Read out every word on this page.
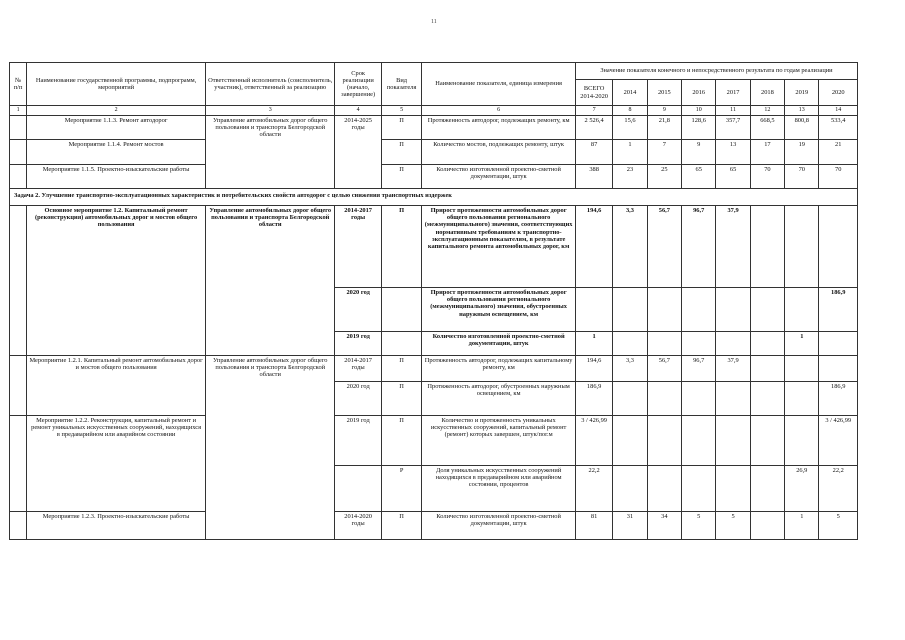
11
№ п/п	Наименование государственной программы, подпрограмм, мероприятий	Ответственный исполнитель (соисполнитель, участник), ответственный за реализацию	Срок реализации (начало, завершение)	Вид показателя	Наименование показателя, единица измерения	Значение показателя конечного и непосредственного результата по годам реализации							
						ВСЕГО 2014-2020	2014	2015	2016	2017	2018	2019	2020
1	2	3	4	5	6	7	8	9	10	11	12	13	14
	Мероприятие 1.1.3. Ремонт автодорог	Управление автомобильных дорог общего пользования и транспорта Белгородской области	2014-2025 годы	П	Протяженность автодорог, подлежащих ремонту, км	2 526,4	15,6	21,8	128,6	357,7	668,5	800,8	533,4
	Мероприятие 1.1.4. Ремонт мостов			П	Количество мостов, подлежащих ремонту, штук	87	1	7	9	13	17	19	21
	Мероприятие 1.1.5. Проектно-изыскательские работы			П	Количество изготовленной проектно-сметной документации, штук	388	23	25	65	65	70	70	70
Задача 2. Улучшение транспортно-эксплуатационных характеристик и потребительских свойств автодорог с целью снижения транспортных издержек													
	Основное мероприятие 1.2. Капитальный ремонт (реконструкция) автомобильных дорог и мостов общего пользования	Управление автомобильных дорог общего пользования и транспорта Белгородской области	2014-2017 годы	П	Прирост протяженности автомобильных дорог общего пользования регионального (межмуниципального) значения, соответствующих нормативным требованиям к транспортно-эксплуатационным показателям, в результате капитального ремонта автомобильных дорог, км	194,6	3,3	56,7	96,7	37,9			
			2020 год		Прирост протяженности автомобильных дорог общего пользования регионального (межмуниципального) значения, обустроенных наружным освещением, км								186,9
			2019 год		Количество изготовленной проектно-сметной документации, штук	1						1	
	Мероприятие 1.2.1. Капитальный ремонт автомобильных дорог и мостов общего пользования	Управление автомобильных дорог общего пользования и транспорта Белгородской области	2014-2017 годы	П	Протяженность автодорог, подлежащих капитальному ремонту, км	194,6	3,3	56,7	96,7	37,9			
			2020 год	П	Протяженность автодорог, обустроенных наружным освещением, км	186,9							186,9
	Мероприятие 1.2.2. Реконструкция, капитальный ремонт и ремонт уникальных искусственных сооружений, находящихся в предаварийном или аварийном состоянии		2019 год	П	Количество и протяженность уникальных искусственных сооружений, капитальный ремонт (ремонт) которых завершен, штук/пог.м	3 / 426,99							3 / 426,99
				Р	Доля уникальных искусственных сооружений находящихся в предаварийном или аварийном состоянии, процентов	22,2						26,9	22,2
	Мероприятие 1.2.3. Проектно-изыскательские работы		2014-2020 годы	П	Количество изготовленной проектно-сметной документации, штук	81	31	34	5	5		1	5
